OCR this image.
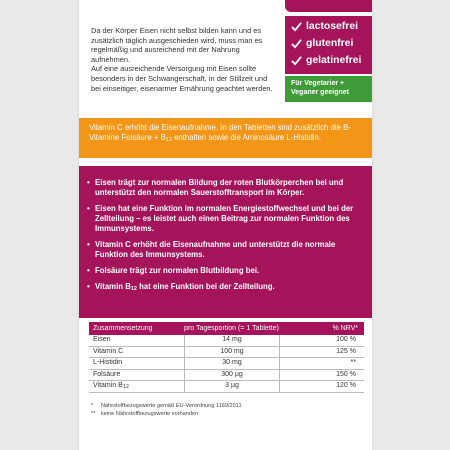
Da der Körper Eisen nicht selbst bilden kann und es zusätzlich täglich ausgeschieden wird, muss man es regelmäßig und ausreichend mit der Nahrung aufnehmen.

Auf eine ausreichende Versorgung mit Eisen sollte besonders in der Schwangerschaft, in der Stillzeit und bei einseitiger, eisenarmer Ernährung geachtet werden.

lactosefrei
glutenfrei
gelatinefrei
Für Vegetarier + Veganer geeignet
Vitamin C erhöht die Eisenaufnahme. In den Tabletten sind zusätzlich die B-Vitamine Folsäure + $B_{12}$ enthalten sowie die Aminosäure L-Histidin.
• Eisen trägt zur normalen Bildung der roten Blutkörperchen bei und unterstützt den normalen Sauerstofftransport im Körper.
• Eisen hat eine Funktion im normalen Energiestoffwechsel und bei der Zellteilung – es leistet auch einen Beitrag zur normalen Funktion des Immunsystems.
• Vitamin C erhöht die Eisenaufnahme und unterstützt die normale Funktion des Immunsystems.
• Folsäure trägt zur normalen Blutbildung bei.
• Vitamin $B_{12}$ hat eine Funktion bei der Zellteilung.
Zusammensetzung	pro Tagesportion (= 1 Tablette)	% NRV*
Eisen	14 mg	100 %
Vitamin C	100 mg	125 %
L-Histidin	30 mg	**
Folsäure	300 µg	150 %
Vitamin $B_{12}$	3 µg	120 %
*	Nährstoffbezugswerte gemäß EU-Verordnung 1169/2011
**	keine Nährstoffbezugswerte vorhanden
